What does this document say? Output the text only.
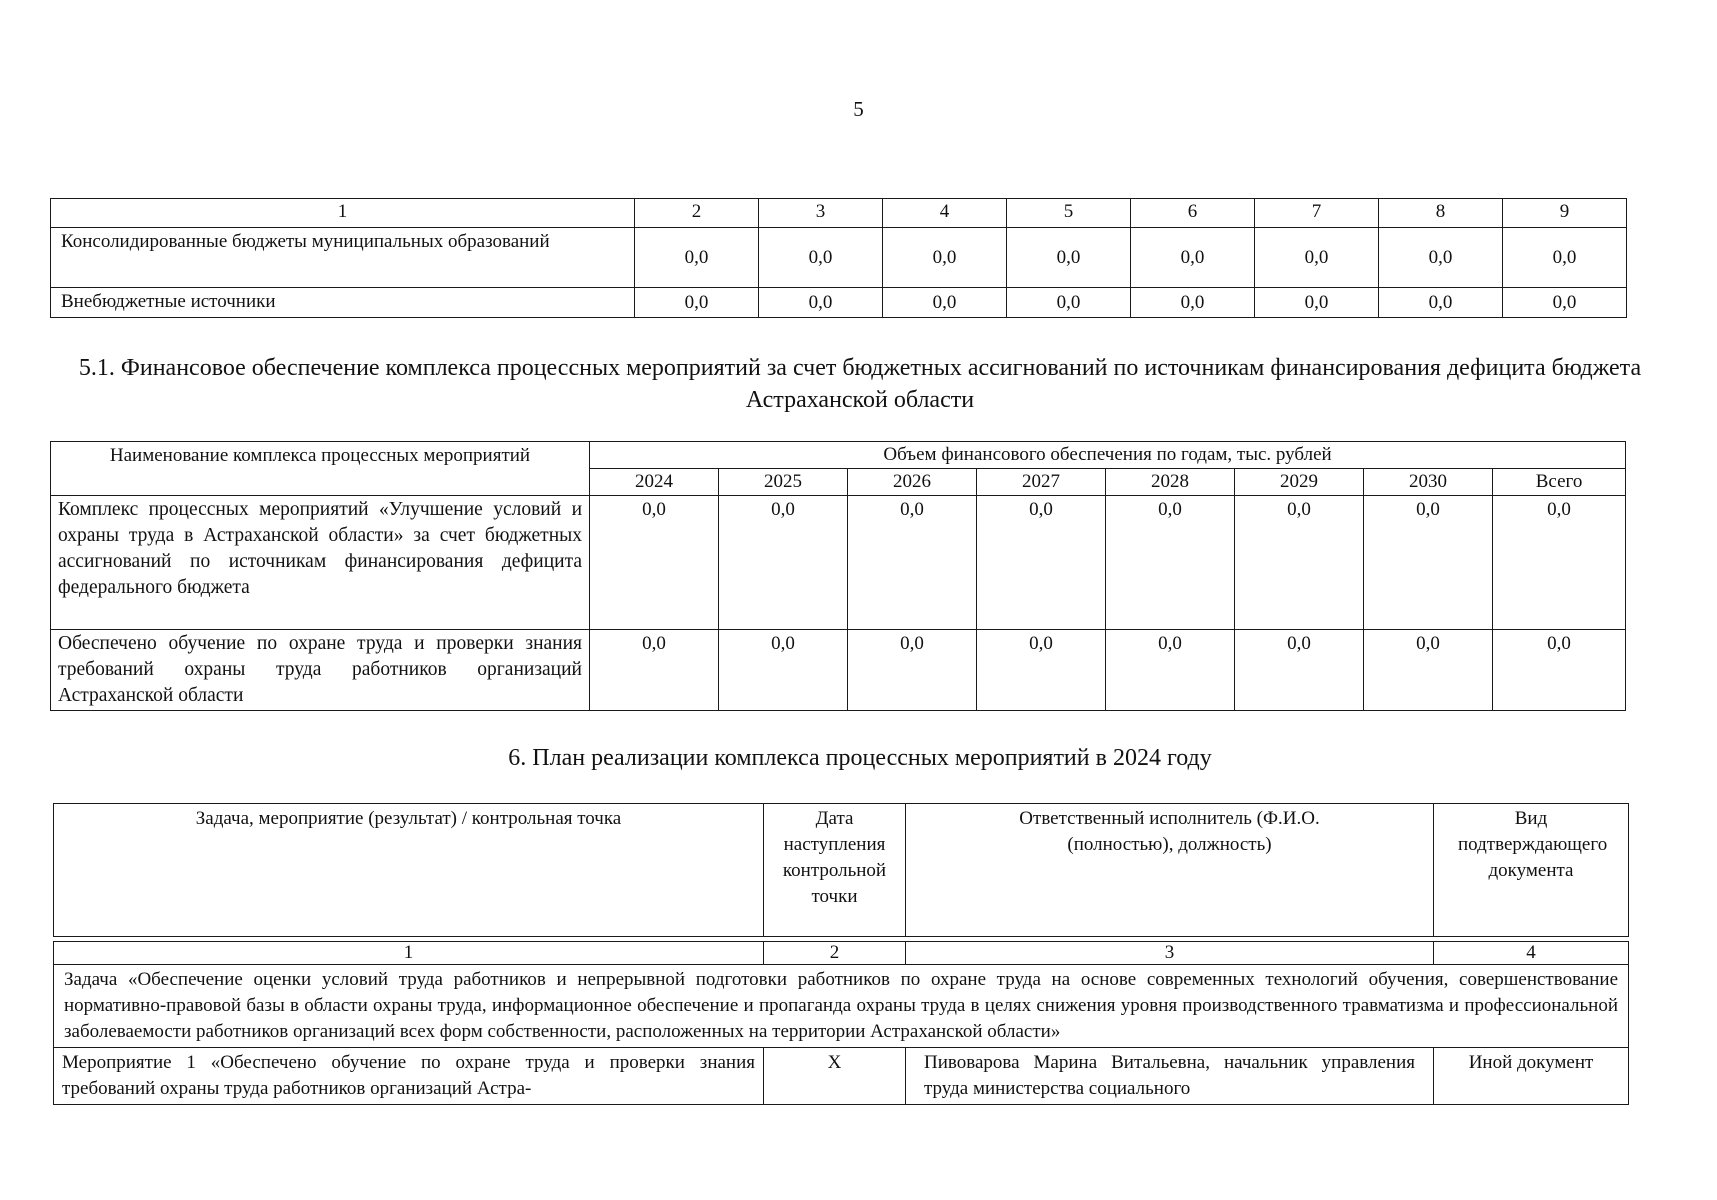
5
1	2	3	4	5	6	7	8	9
Консолидированные бюджеты муниципальных образований	0,0	0,0	0,0	0,0	0,0	0,0	0,0	0,0
Внебюджетные источники	0,0	0,0	0,0	0,0	0,0	0,0	0,0	0,0
5.1. Финансовое обеспечение комплекса процессных мероприятий за счет бюджетных ассигнований по источникам финансирования дефицита бюджета Астраханской области
Наименование комплекса процессных мероприятий	Объем финансового обеспечения по годам, тыс. рублей							
	2024	2025	2026	2027	2028	2029	2030	Всего
Комплекс процессных мероприятий «Улучшение условий и охраны труда в Астраханской области» за счет бюджетных ассигнований по источникам финансирования дефицита федерального бюджета	0,0	0,0	0,0	0,0	0,0	0,0	0,0	0,0
Обеспечено обучение по охране труда и проверки знания требований охраны труда работников организаций Астраханской области	0,0	0,0	0,0	0,0	0,0	0,0	0,0	0,0
6. План реализации комплекса процессных мероприятий в 2024 году
Задача, мероприятие (результат) / контрольная точка	Дата наступления контрольной точки	Ответственный исполнитель (Ф.И.О. (полностью), должность)	Вид подтверждающего документа

1	2	3	4
Задача «Обеспечение оценки условий труда работников и непрерывной подготовки работников по охране труда на основе современных технологий обучения, совершенствование нормативно-правовой базы в области охраны труда, информационное обеспечение и пропаганда охраны труда в целях снижения уровня производственного травматизма и профессиональной заболеваемости работников организаций всех форм собственности, расположенных на территории Астраханской области»			
Мероприятие 1 «Обеспечено обучение по охране труда и проверки знания требований охраны труда работников организаций Астра-	Х	Пивоварова Марина Витальевна, начальник управления труда министерства социального	Иной документ
